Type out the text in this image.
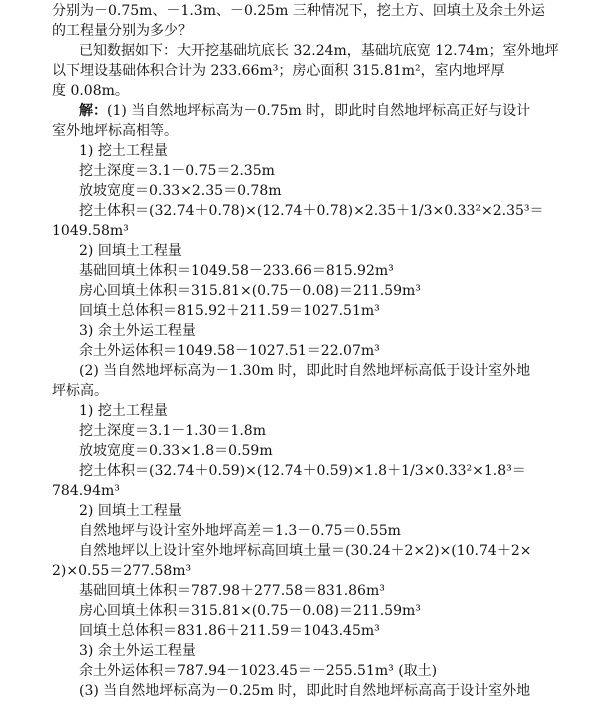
分别为－0.75m、－1.3m、－0.25m 三种情况下，挖土方、回填土及余土外运
的工程量分别为多少？
已知数据如下：大开挖基础坑底长 32.24m，基础坑底宽 12.74m；室外地坪
以下埋设基础体积合计为 233.66m³；房心面积 315.81m²，室内地坪厚
度 0.08m。
解：(1) 当自然地坪标高为－0.75m 时，即此时自然地坪标高正好与设计
室外地坪标高相等。
1) 挖土工程量
挖土深度＝3.1－0.75＝2.35m
放坡宽度＝0.33×2.35＝0.78m
挖土体积＝(32.74＋0.78)×(12.74＋0.78)×2.35＋1/3×0.33²×2.35³＝
1049.58m³
2) 回填土工程量
基础回填土体积＝1049.58－233.66＝815.92m³
房心回填土体积＝315.81×(0.75－0.08)＝211.59m³
回填土总体积＝815.92＋211.59＝1027.51m³
3) 余土外运工程量
余土外运体积＝1049.58－1027.51＝22.07m³
(2) 当自然地坪标高为－1.30m 时，即此时自然地坪标高低于设计室外地
坪标高。
1) 挖土工程量
挖土深度＝3.1－1.30＝1.8m
放坡宽度＝0.33×1.8＝0.59m
挖土体积＝(32.74＋0.59)×(12.74＋0.59)×1.8＋1/3×0.33²×1.8³＝
784.94m³
2) 回填土工程量
自然地坪与设计室外地坪高差＝1.3－0.75＝0.55m
自然地坪以上设计室外地坪标高回填土量＝(30.24＋2×2)×(10.74＋2×
2)×0.55＝277.58m³
基础回填土体积＝787.98＋277.58＝831.86m³
房心回填土体积＝315.81×(0.75－0.08)＝211.59m³
回填土总体积＝831.86＋211.59＝1043.45m³
3) 余土外运工程量
余土外运体积＝787.94－1023.45＝－255.51m³ (取土)
(3) 当自然地坪标高为－0.25m 时，即此时自然地坪标高高于设计室外地
